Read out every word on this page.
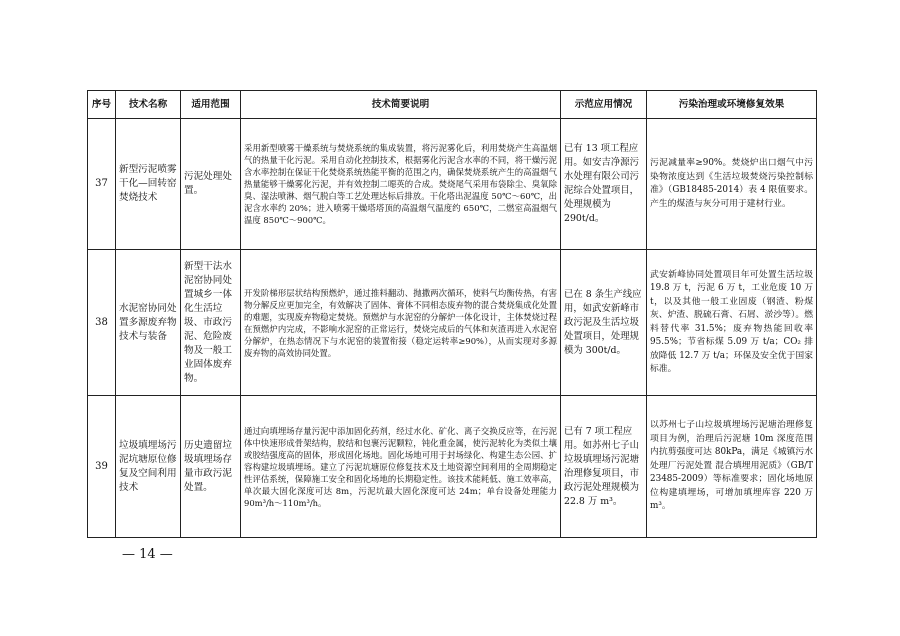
序号	技术名称	适用范围	技术简要说明	示范应用情况	污染治理或环境修复效果
37	新型污泥喷雾干化—回转窑焚烧技术	污泥处理处置。	采用新型喷雾干燥系统与焚烧系统的集成装置，将污泥雾化后，利用焚烧产生高温烟气的热量干化污泥。采用自动化控制技术，根据雾化污泥含水率的不同，将干燥污泥含水率控制在保证干化焚烧系统热能平衡的范围之内，确保焚烧系统产生的高温烟气热量能够干燥雾化污泥，并有效控制二噁英的合成。焚烧尾气采用布袋除尘、臭氧除臭、湿法喷淋、烟气脱白等工艺处理达标后排放。干化塔出泥温度 50℃～60℃，出泥含水率约 20%；进入喷雾干燥塔塔顶的高温烟气温度约 650℃，二燃室高温烟气温度 850℃～900℃。	已有 13 项工程应用。如安吉净源污水处理有限公司污泥综合处置项目，处理规模为 290t/d。	污泥减量率≥90%。焚烧炉出口烟气中污染物浓度达到《生活垃圾焚烧污染控制标准》（GB18485-2014）表 4 限值要求。产生的煤渣与灰分可用于建材行业。
38	水泥窑协同处置多源废弃物技术与装备	新型干法水泥窑协同处置城乡一体化生活垃圾、市政污泥、危险废物及一般工业固体废弃物。	开发阶梯形层状结构预燃炉，通过推料翻动、抛撒两次循环，使料气均衡传热，有害物分解反应更加完全，有效解决了固体、膏体不同相态废弃物的混合焚烧集成化处置的难题，实现废弃物稳定焚烧。预燃炉与水泥窑的分解炉一体化设计，主体焚烧过程在预燃炉内完成，不影响水泥窑的正常运行，焚烧完成后的气体和灰渣再进入水泥窑分解炉，在热态情况下与水泥窑的装置衔接（稳定运转率≥90%），从而实现对多源废弃物的高效协同处置。	已在 8 条生产线应用，如武安新峰市政污泥及生活垃圾处置项目，处理规模为 300t/d。	武安新峰协同处置项目年可处置生活垃圾 19.8 万 t，污泥 6 万 t，工业危废 10 万 t，以及其他一般工业固废（钢渣、粉煤灰、炉渣、脱硫石膏、石屑、淤沙等）。燃料替代率 31.5%；废弃物热能回收率 95.5%；节省标煤 5.09 万 t/a；CO₂ 排放降低 12.7 万 t/a；环保及安全优于国家标准。
39	垃圾填埋场污泥坑塘原位修复及空间利用技术	历史遗留垃圾填埋场存量市政污泥处置。	通过向填埋场存量污泥中添加固化药剂，经过水化、矿化、离子交换反应等，在污泥体中快速形成骨架结构，胶结和包裹污泥颗粒，钝化重金属，使污泥转化为类似土壤或胶结强度高的固体，形成固化场地。固化场地可用于封场绿化、构建生态公园、扩容构建垃圾填埋场。建立了污泥坑塘原位修复技术及土地资源空间利用的全周期稳定性评估系统，保障施工安全和固化场地的长期稳定性。该技术能耗低、施工效率高，单次最大固化深度可达 8m，污泥坑最大固化深度可达 24m；单台设备处理能力 90m³/h～110m³/h。	已有 7 项工程应用。如苏州七子山垃圾填埋场污泥塘治理修复项目，市政污泥处理规模为 22.8 万 m³。	以苏州七子山垃圾填埋场污泥塘治理修复项目为例，治理后污泥塘 10m 深度范围内抗剪强度可达 80kPa，满足《城镇污水处理厂污泥处置 混合填埋用泥质》（GB/T 23485-2009）等标准要求；固化场地原位构建填埋场，可增加填埋库容 220 万 m³。
— 14 —
